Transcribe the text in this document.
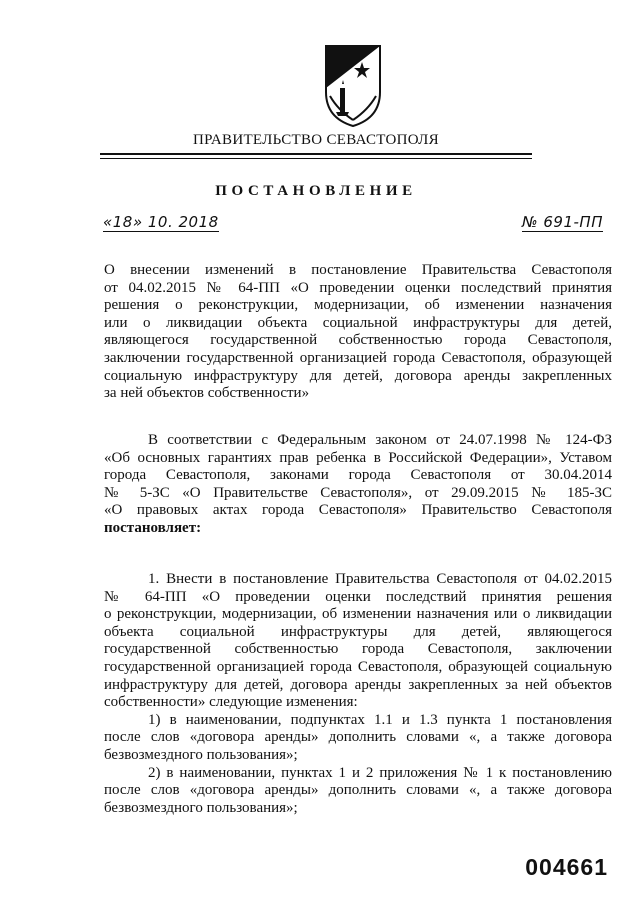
ПРАВИТЕЛЬСТВО СЕВАСТОПОЛЯ
ПОСТАНОВЛЕНИЕ
«18» 10. 2018	№ 691-ПП
О внесении изменений в постановление Правительства Севастополя
от 04.02.2015 № 64-ПП «О проведении оценки последствий принятия
решения о реконструкции, модернизации, об изменении назначения
или о ликвидации объекта социальной инфраструктуры для детей,
являющегося государственной собственностью города Севастополя,
заключении государственной организацией города Севастополя, образующей
социальную инфраструктуру для детей, договора аренды закрепленных
за ней объектов собственности»
В соответствии с Федеральным законом от 24.07.1998 № 124-ФЗ
«Об основных гарантиях прав ребенка в Российской Федерации», Уставом
города Севастополя, законами города Севастополя от 30.04.2014
№ 5-ЗС «О Правительстве Севастополя», от 29.09.2015 № 185-ЗС
«О правовых актах города Севастополя» Правительство Севастополя
постановляет:
1. Внести в постановление Правительства Севастополя от 04.02.2015
№ 64-ПП «О проведении оценки последствий принятия решения
о реконструкции, модернизации, об изменении назначения или о ликвидации
объекта социальной инфраструктуры для детей, являющегося
государственной собственностью города Севастополя, заключении
государственной организацией города Севастополя, образующей социальную
инфраструктуру для детей, договора аренды закрепленных за ней объектов
собственности» следующие изменения:
1) в наименовании, подпунктах 1.1 и 1.3 пункта 1 постановления
после слов «договора аренды» дополнить словами «, а также договора
безвозмездного пользования»;
2) в наименовании, пунктах 1 и 2 приложения № 1 к постановлению
после слов «договора аренды» дополнить словами «, а также договора
безвозмездного пользования»;
004661
